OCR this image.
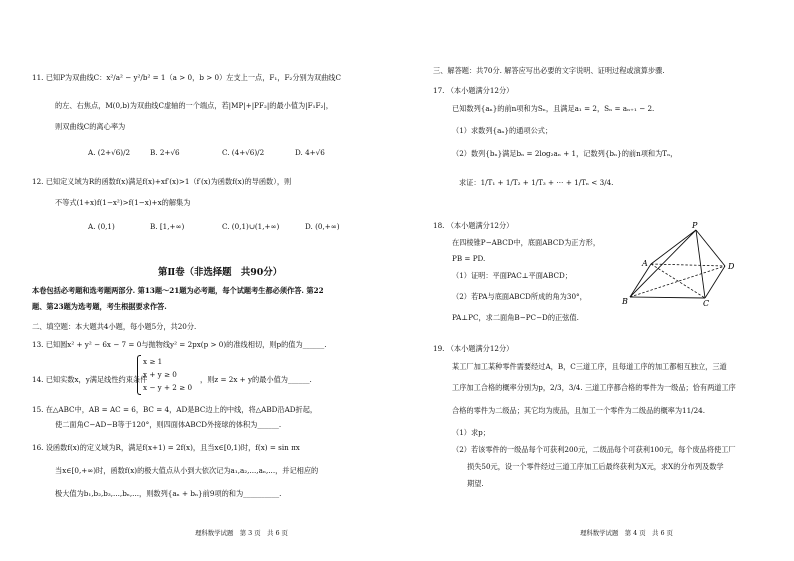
11. 已知P为双曲线C：x²/a² − y²/b² = 1（a > 0，b > 0）左支上一点，F₁，F₂分别为双曲线C
的左、右焦点，M(0,b)为双曲线C虚轴的一个端点，若|MP|+|PF₂|的最小值为|F₁F₂|，
则双曲线C的离心率为
A. (2+√6)/2	B. 2+√6	C. (4+√6)/2	D. 4+√6
12. 已知定义域为R的函数f(x)满足f(x)+xf′(x)>1（f′(x)为函数f(x)的导函数），则
不等式(1+x)f(1−x²)>f(1−x)+x的解集为
A. (0,1)	B. [1,+∞)	C. (0,1)∪(1,+∞)	D. (0,+∞)
第Ⅱ卷（非选择题　共90分）
本卷包括必考题和选考题两部分. 第13题～21题为必考题，每个试题考生都必须作答. 第22
题、第23题为选考题，考生根据要求作答.
二、填空题：本大题共4小题，每小题5分，共20分.
13. 已知圆x² + y² − 6x − 7 = 0与抛物线y² = 2px(p > 0)的准线相切，则p的值为______.
14. 已知实数x，y满足线性约束条件
x ≥ 1
x + y ≥ 0
x − y + 2 ≥ 0
，则z = 2x + y的最小值为______.
15. 在△ABC中，AB = AC = 6，BC = 4，AD是BC边上的中线，将△ABD沿AD折起，
使二面角C−AD−B等于120°，则四面体ABCD外接球的体积为______.
16. 设函数f(x)的定义域为R，满足f(x+1) = 2f(x)，且当x∈[0,1)时，f(x) = sin πx
当x∈[0,+∞)时，函数f(x)的极大值点从小到大依次记为a₁,a₂,...,aₙ,...，并记相应的
极大值为b₁,b₂,b₃,...,bₙ,...，则数列{aₙ + bₙ}前9项的和为__________.
理科数学试题　第 3 页　共 6 页
三、解答题：共70分. 解答应写出必要的文字说明、证明过程或演算步骤.
17. （本小题满分12分）
已知数列{aₙ}的前n项和为Sₙ，且满足a₁ = 2，Sₙ = aₙ₊₁ − 2.
（1）求数列{aₙ}的通项公式；
（2）数列{bₙ}满足bₙ = 2log₂aₙ + 1，记数列{bₙ}的前n项和为Tₙ，
求证：1/T₁ + 1/T₂ + 1/T₃ + ⋯ + 1/Tₙ < 3/4.
18. （本小题满分12分）
在四棱锥P−ABCD中，底面ABCD为正方形，
PB = PD.
（1）证明：平面PAC⊥平面ABCD；
（2）若PA与底面ABCD所成的角为30°，
PA⊥PC，求二面角B−PC−D的正弦值.
P
A
B	C
D
19. （本小题满分12分）
某工厂加工某种零件需要经过A，B，C三道工序，且每道工序的加工都相互独立，三道
工序加工合格的概率分别为p，2/3，3/4. 三道工序都合格的零件为一级品；恰有两道工序
合格的零件为二级品；其它均为废品，且加工一个零件为二级品的概率为11/24.
（1）求p；
（2）若该零件的一级品每个可获利200元，二级品每个可获利100元，每个废品将使工厂
损失50元，设一个零件经过三道工序加工后最终获利为X元，求X的分布列及数学
期望.
理科数学试题　第 4 页　共 6 页
